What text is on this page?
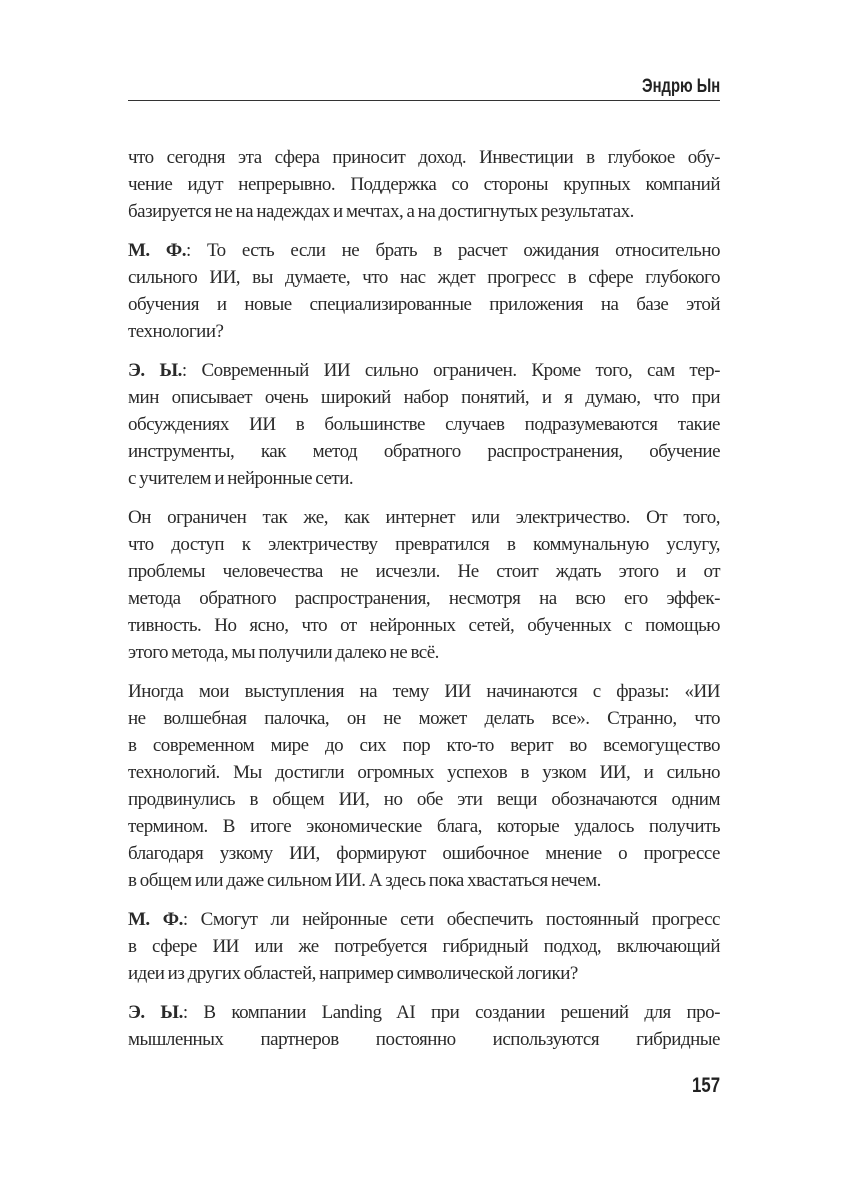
Эндрю Ын
что сегодня эта сфера приносит доход. Инвестиции в глубокое обу-
чение идут непрерывно. Поддержка со стороны крупных компаний
базируется не на надеждах и мечтах, а на достигнутых результатах.
М. Ф.: То есть если не брать в расчет ожидания относительно
сильного ИИ, вы думаете, что нас ждет прогресс в сфере глубокого
обучения и новые специализированные приложения на базе этой
технологии?
Э. Ы.: Современный ИИ сильно ограничен. Кроме того, сам тер-
мин описывает очень широкий набор понятий, и я думаю, что при
обсуждениях ИИ в большинстве случаев подразумеваются такие
инструменты, как метод обратного распространения, обучение
с учителем и нейронные сети.
Он ограничен так же, как интернет или электричество. От того,
что доступ к электричеству превратился в коммунальную услугу,
проблемы человечества не исчезли. Не стоит ждать этого и от
метода обратного распространения, несмотря на всю его эффек-
тивность. Но ясно, что от нейронных сетей, обученных с помощью
этого метода, мы получили далеко не всё.
Иногда мои выступления на тему ИИ начинаются с фразы: «ИИ
не волшебная палочка, он не может делать все». Странно, что
в современном мире до сих пор кто-то верит во всемогущество
технологий. Мы достигли огромных успехов в узком ИИ, и сильно
продвинулись в общем ИИ, но обе эти вещи обозначаются одним
термином. В итоге экономические блага, которые удалось получить
благодаря узкому ИИ, формируют ошибочное мнение о прогрессе
в общем или даже сильном ИИ. А здесь пока хвастаться нечем.
М. Ф.: Смогут ли нейронные сети обеспечить постоянный прогресс
в сфере ИИ или же потребуется гибридный подход, включающий
идеи из других областей, например символической логики?
Э. Ы.: В компании Landing AI при создании решений для про-
мышленных партнеров постоянно используются гибридные
157
